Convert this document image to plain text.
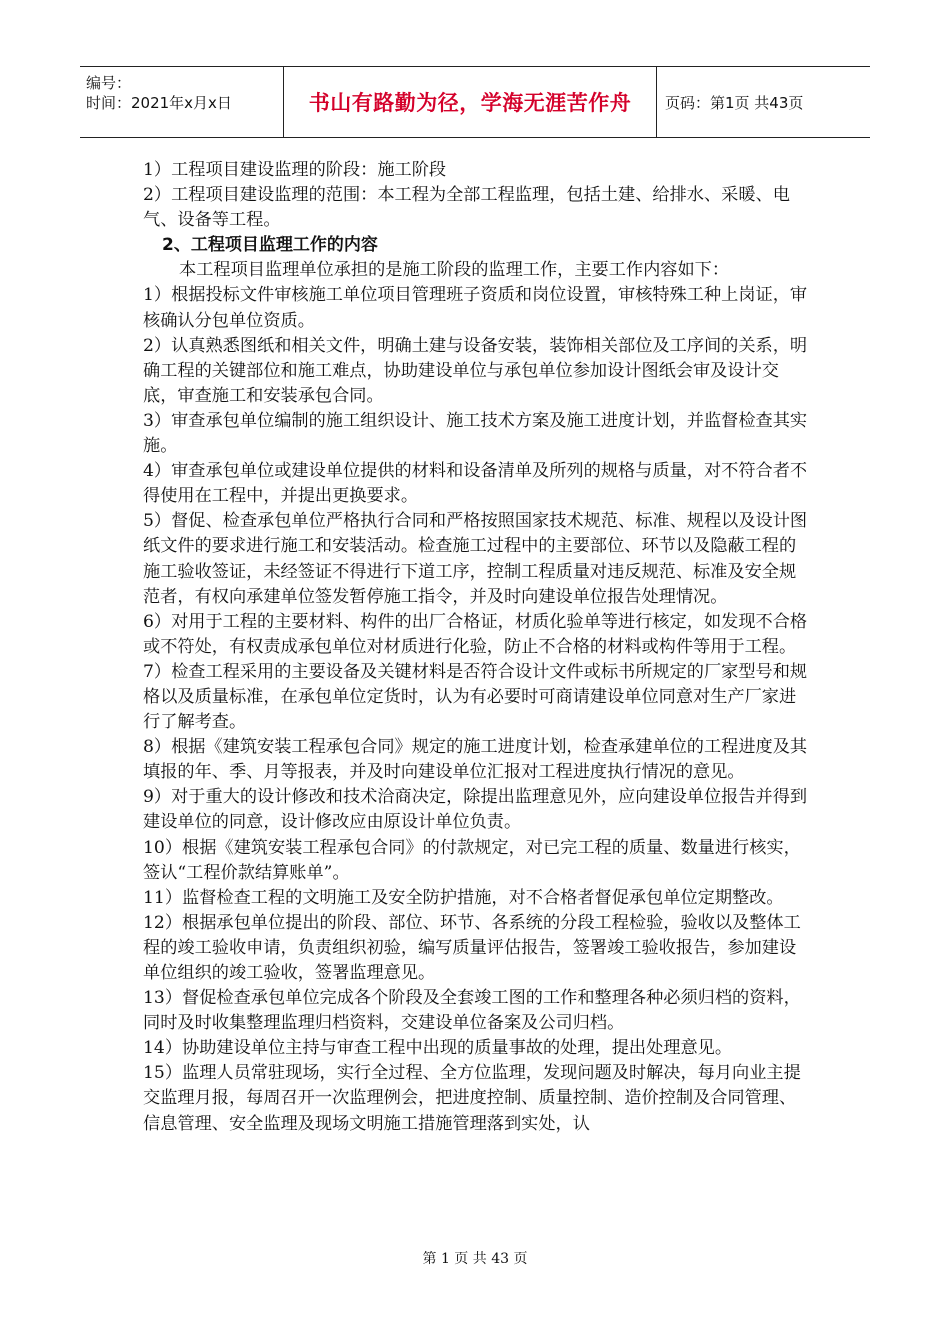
编号：
时间：2021年x月x日	书山有路勤为径，学海无涯苦作舟	页码：第1页 共43页

1）工程项目建设监理的阶段：施工阶段

2）工程项目建设监理的范围：本工程为全部工程监理，包括土建、给排水、采暖、电气、设备等工程。

2、工程项目监理工作的内容

本工程项目监理单位承担的是施工阶段的监理工作，主要工作内容如下：

1）根据投标文件审核施工单位项目管理班子资质和岗位设置，审核特殊工种上岗证，审核确认分包单位资质。

2）认真熟悉图纸和相关文件，明确土建与设备安装，装饰相关部位及工序间的关系，明确工程的关键部位和施工难点，协助建设单位与承包单位参加设计图纸会审及设计交底，审查施工和安装承包合同。

3）审查承包单位编制的施工组织设计、施工技术方案及施工进度计划，并监督检查其实施。

4）审查承包单位或建设单位提供的材料和设备清单及所列的规格与质量，对不符合者不得使用在工程中，并提出更换要求。

5）督促、检查承包单位严格执行合同和严格按照国家技术规范、标准、规程以及设计图纸文件的要求进行施工和安装活动。检查施工过程中的主要部位、环节以及隐蔽工程的施工验收签证，未经签证不得进行下道工序，控制工程质量对违反规范、标准及安全规范者，有权向承建单位签发暂停施工指令，并及时向建设单位报告处理情况。

6）对用于工程的主要材料、构件的出厂合格证，材质化验单等进行核定，如发现不合格或不符处，有权责成承包单位对材质进行化验，防止不合格的材料或构件等用于工程。

7）检查工程采用的主要设备及关键材料是否符合设计文件或标书所规定的厂家型号和规格以及质量标准，在承包单位定货时，认为有必要时可商请建设单位同意对生产厂家进行了解考查。

8）根据《建筑安装工程承包合同》规定的施工进度计划，检查承建单位的工程进度及其填报的年、季、月等报表，并及时向建设单位汇报对工程进度执行情况的意见。

9）对于重大的设计修改和技术洽商决定，除提出监理意见外，应向建设单位报告并得到建设单位的同意，设计修改应由原设计单位负责。

10）根据《建筑安装工程承包合同》的付款规定，对已完工程的质量、数量进行核实，签认“工程价款结算账单”。

11）监督检查工程的文明施工及安全防护措施，对不合格者督促承包单位定期整改。

12）根据承包单位提出的阶段、部位、环节、各系统的分段工程检验，验收以及整体工程的竣工验收申请，负责组织初验，编写质量评估报告，签署竣工验收报告，参加建设单位组织的竣工验收，签署监理意见。

13）督促检查承包单位完成各个阶段及全套竣工图的工作和整理各种必须归档的资料，同时及时收集整理监理归档资料，交建设单位备案及公司归档。

14）协助建设单位主持与审查工程中出现的质量事故的处理，提出处理意见。

15）监理人员常驻现场，实行全过程、全方位监理，发现问题及时解决，每月向业主提交监理月报，每周召开一次监理例会，把进度控制、质量控制、造价控制及合同管理、信息管理、安全监理及现场文明施工措施管理落到实处，认

第 1 页 共 43 页
